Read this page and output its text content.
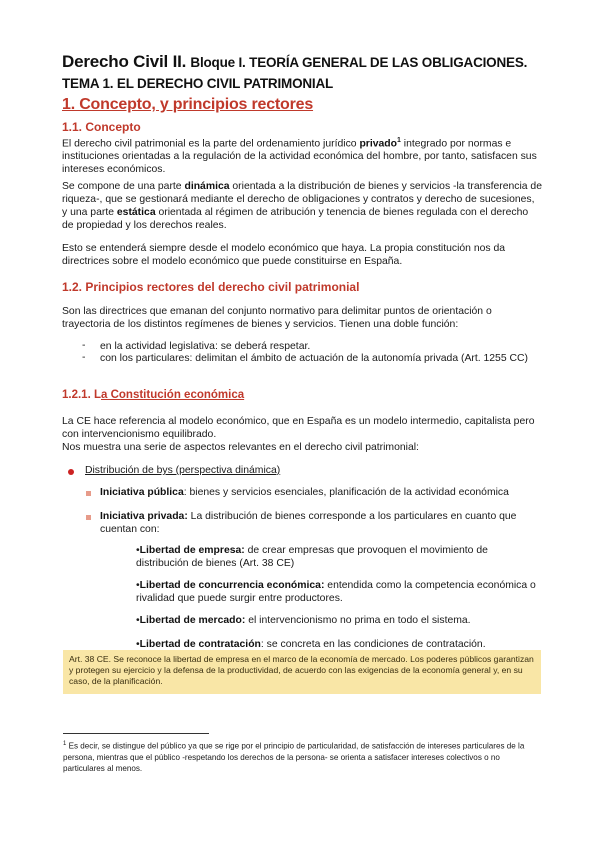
Derecho Civil II. Bloque I. TEORÍA GENERAL DE LAS OBLIGACIONES.
TEMA 1. EL DERECHO CIVIL PATRIMONIAL
1. Concepto, y principios rectores
1.1. Concepto
El derecho civil patrimonial es la parte del ordenamiento jurídico privado$^1$ integrado por normas e instituciones orientadas a la regulación de la actividad económica del hombre, por tanto, satisfacen sus intereses económicos.
Se compone de una parte dinámica orientada a la distribución de bienes y servicios -la transferencia de riqueza-, que se gestionará mediante el derecho de obligaciones y contratos y derecho de sucesiones, y una parte estática orientada al régimen de atribución y tenencia de bienes regulada con el derecho de propiedad y los derechos reales.
Esto se entenderá siempre desde el modelo económico que haya. La propia constitución nos da directrices sobre el modelo económico que puede constituirse en España.
1.2. Principios rectores del derecho civil patrimonial
Son las directrices que emanan del conjunto normativo para delimitar puntos de orientación o trayectoria de los distintos regímenes de bienes y servicios. Tienen una doble función:
- en la actividad legislativa: se deberá respetar.
- con los particulares: delimitan el ámbito de actuación de la autonomía privada (Art. 1255 CC)
1.2.1. La Constitución económica
La CE hace referencia al modelo económico, que en España es un modelo intermedio, capitalista pero con intervencionismo equilibrado.
Nos muestra una serie de aspectos relevantes en el derecho civil patrimonial:
Distribución de bys (perspectiva dinámica)
Iniciativa pública: bienes y servicios esenciales, planificación de la actividad económica
Iniciativa privada: La distribución de bienes corresponde a los particulares en cuanto que cuentan con:
•Libertad de empresa: de crear empresas que provoquen el movimiento de distribución de bienes (Art. 38 CE)
•Libertad de concurrencia económica: entendida como la competencia económica o rivalidad que puede surgir entre productores.
•Libertad de mercado: el intervencionismo no prima en todo el sistema.
•Libertad de contratación: se concreta en las condiciones de contratación.
Art. 38 CE. Se reconoce la libertad de empresa en el marco de la economía de mercado. Los poderes públicos garantizan y protegen su ejercicio y la defensa de la productividad, de acuerdo con las exigencias de la economía general y, en su caso, de la planificación.
$^1$ Es decir, se distingue del público ya que se rige por el principio de particularidad, de satisfacción de intereses particulares de la persona, mientras que el público -respetando los derechos de la persona- se orienta a satisfacer intereses colectivos o no particulares al menos.
